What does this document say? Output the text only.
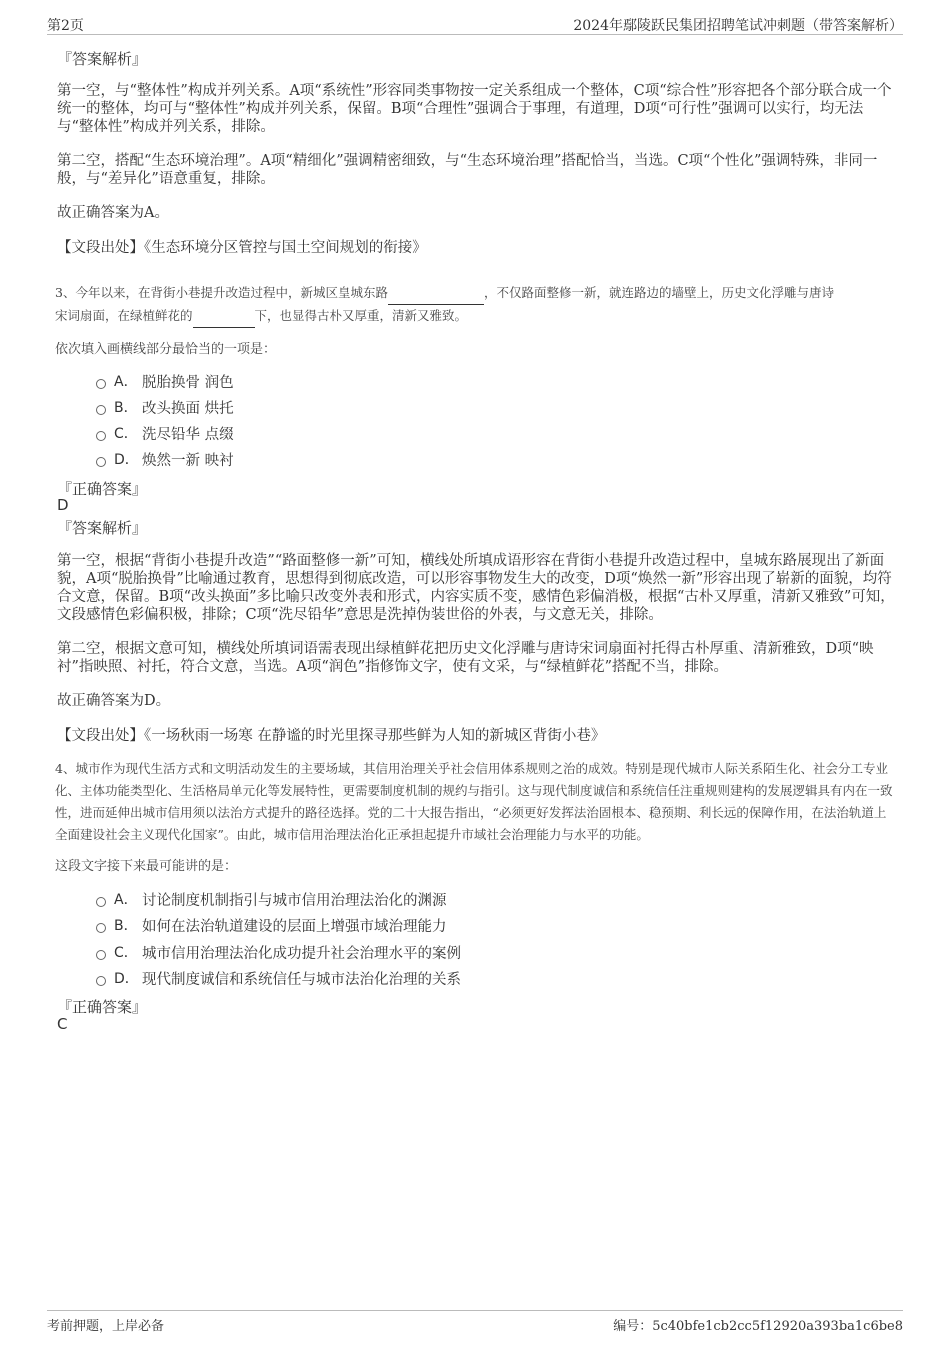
第2页	2024年鄢陵跃民集团招聘笔试冲刺题（带答案解析）
『答案解析』
第一空，与“整体性”构成并列关系。A项“系统性”形容同类事物按一定关系组成一个整体，C项“综合性”形容把各个部分联合成一个统一的整体，均可与“整体性”构成并列关系，保留。B项“合理性”强调合于事理，有道理，D项“可行性”强调可以实行，均无法与“整体性”构成并列关系，排除。
第二空，搭配“生态环境治理”。A项“精细化”强调精密细致，与“生态环境治理”搭配恰当，当选。C项“个性化”强调特殊，非同一般，与“差异化”语意重复，排除。
故正确答案为A。
【文段出处】《生态环境分区管控与国土空间规划的衔接》
3、今年以来，在背街小巷提升改造过程中，新城区皇城东路	，不仅路面整修一新，就连路边的墙壁上，历史文化浮雕与唐诗
宋词扇面，在绿植鲜花的	下，也显得古朴又厚重，清新又雅致。
依次填入画横线部分最恰当的一项是：
A． 脱胎换骨 润色
B． 改头换面 烘托
C． 洗尽铅华 点缀
D． 焕然一新 映衬
『正确答案』
D
『答案解析』
第一空，根据“背街小巷提升改造”“路面整修一新”可知，横线处所填成语形容在背街小巷提升改造过程中，皇城东路展现出了新面貌，A项“脱胎换骨”比喻通过教育，思想得到彻底改造，可以形容事物发生大的改变，D项“焕然一新”形容出现了崭新的面貌，均符合文意，保留。B项“改头换面”多比喻只改变外表和形式，内容实质不变，感情色彩偏消极，根据“古朴又厚重，清新又雅致”可知，文段感情色彩偏积极，排除；C项“洗尽铅华”意思是洗掉伪装世俗的外表，与文意无关，排除。
第二空，根据文意可知，横线处所填词语需表现出绿植鲜花把历史文化浮雕与唐诗宋词扇面衬托得古朴厚重、清新雅致，D项“映衬”指映照、衬托，符合文意，当选。A项“润色”指修饰文字，使有文采，与“绿植鲜花”搭配不当，排除。
故正确答案为D。
【文段出处】《一场秋雨一场寒 在静谧的时光里探寻那些鲜为人知的新城区背街小巷》
4、城市作为现代生活方式和文明活动发生的主要场域，其信用治理关乎社会信用体系规则之治的成效。特别是现代城市人际关系陌生化、社会分工专业化、主体功能类型化、生活格局单元化等发展特性，更需要制度机制的规约与指引。这与现代制度诚信和系统信任注重规则建构的发展逻辑具有内在一致性，进而延伸出城市信用须以法治方式提升的路径选择。党的二十大报告指出，“必须更好发挥法治固根本、稳预期、利长远的保障作用，在法治轨道上全面建设社会主义现代化国家”。由此，城市信用治理法治化正承担起提升市域社会治理能力与水平的功能。
这段文字接下来最可能讲的是：
A． 讨论制度机制指引与城市信用治理法治化的渊源
B． 如何在法治轨道建设的层面上增强市域治理能力
C． 城市信用治理法治化成功提升社会治理水平的案例
D． 现代制度诚信和系统信任与城市法治化治理的关系
『正确答案』
C
考前押题，上岸必备	编号：5c40bfe1cb2cc5f12920a393ba1c6be8
